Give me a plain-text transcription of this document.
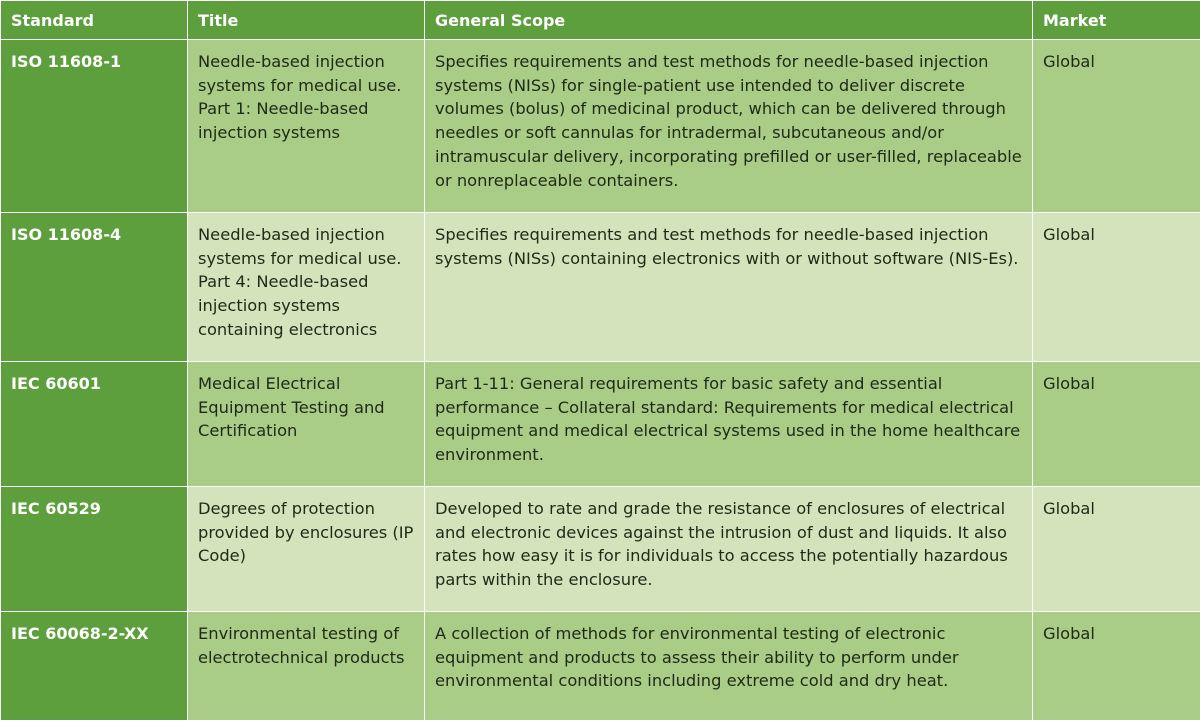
Standard	Title	General Scope	Market
ISO 11608-1	Needle-based injection systems for medical use. Part 1: Needle-based injection systems	Specifies requirements and test methods for needle-based injection systems (NISs) for single-patient use intended to deliver discrete volumes (bolus) of medicinal product, which can be delivered through needles or soft cannulas for intradermal, subcutaneous and/or intramuscular delivery, incorporating prefilled or user-filled, replaceable or nonreplaceable containers.	Global
ISO 11608-4	Needle-based injection systems for medical use. Part 4: Needle-based injection systems containing electronics	Specifies requirements and test methods for needle-based injection systems (NISs) containing electronics with or without software (NIS-Es).	Global
IEC 60601	Medical Electrical Equipment Testing and Certification	Part 1-11: General requirements for basic safety and essential performance – Collateral standard: Requirements for medical electrical equipment and medical electrical systems used in the home healthcare environment.	Global
IEC 60529	Degrees of protection provided by enclosures (IP Code)	Developed to rate and grade the resistance of enclosures of electrical and electronic devices against the intrusion of dust and liquids. It also rates how easy it is for individuals to access the potentially hazardous parts within the enclosure.	Global
IEC 60068-2-XX	Environmental testing of electrotechnical products	A collection of methods for environmental testing of electronic equipment and products to assess their ability to perform under environmental conditions including extreme cold and dry heat.	Global
